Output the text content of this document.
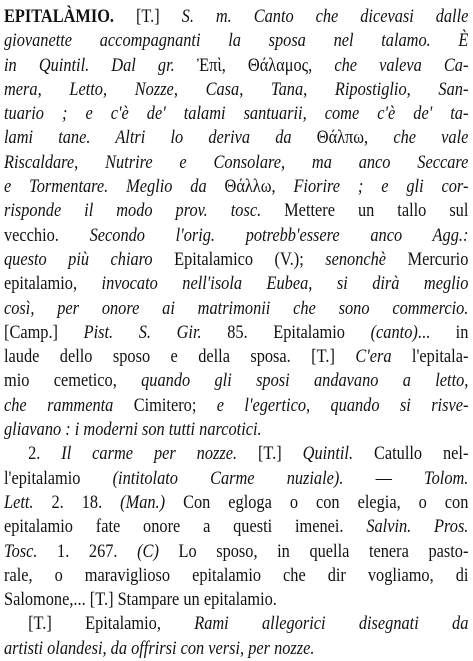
EPITALÀMIO. [T.] S. m. Canto che dicevasi dalle
giovanette accompagnanti la sposa nel talamo. È
in Quintil. Dal gr. Ἐπὶ, Θάλαμος, che valeva Ca-
mera, Letto, Nozze, Casa, Tana, Ripostiglio, San-
tuario ; e c'è de' talami santuarii, come c'è de' ta-
lami tane. Altri lo deriva da Θάλπω, che vale
Riscaldare, Nutrire e Consolare, ma anco Seccare
e Tormentare. Meglio da Θάλλω, Fiorire ; e gli cor-
risponde il modo prov. tosc. Mettere un tallo sul
vecchio. Secondo l'orig. potrebb'essere anco Agg.:
questo più chiaro Epitalamico (V.); senonchè Mercurio
epitalamio, invocato nell'isola Eubea, si dirà meglio
così, per onore ai matrimonii che sono commercio.
[Camp.] Pist. S. Gir. 85. Epitalamio (canto)... in
laude dello sposo e della sposa. [T.] C'era l'epitala-
mio cemetico, quando gli sposi andavano a letto,
che rammenta Cimitero; e l'egertico, quando si risve-
gliavano : i moderni son tutti narcotici.
2. Il carme per nozze. [T.] Quintil. Catullo nel-
l'epitalamio (intitolato Carme nuziale). — Tolom.
Lett. 2. 18. (Man.) Con egloga o con elegia, o con
epitalamio fate onore a questi imenei. Salvin. Pros.
Tosc. 1. 267. (C) Lo sposo, in quella tenera pasto-
rale, o maraviglioso epitalamio che dir vogliamo, di
Salomone,... [T.] Stampare un epitalamio.
[T.] Epitalamio, Rami allegorici disegnati da
artisti olandesi, da offrirsi con versi, per nozze.
